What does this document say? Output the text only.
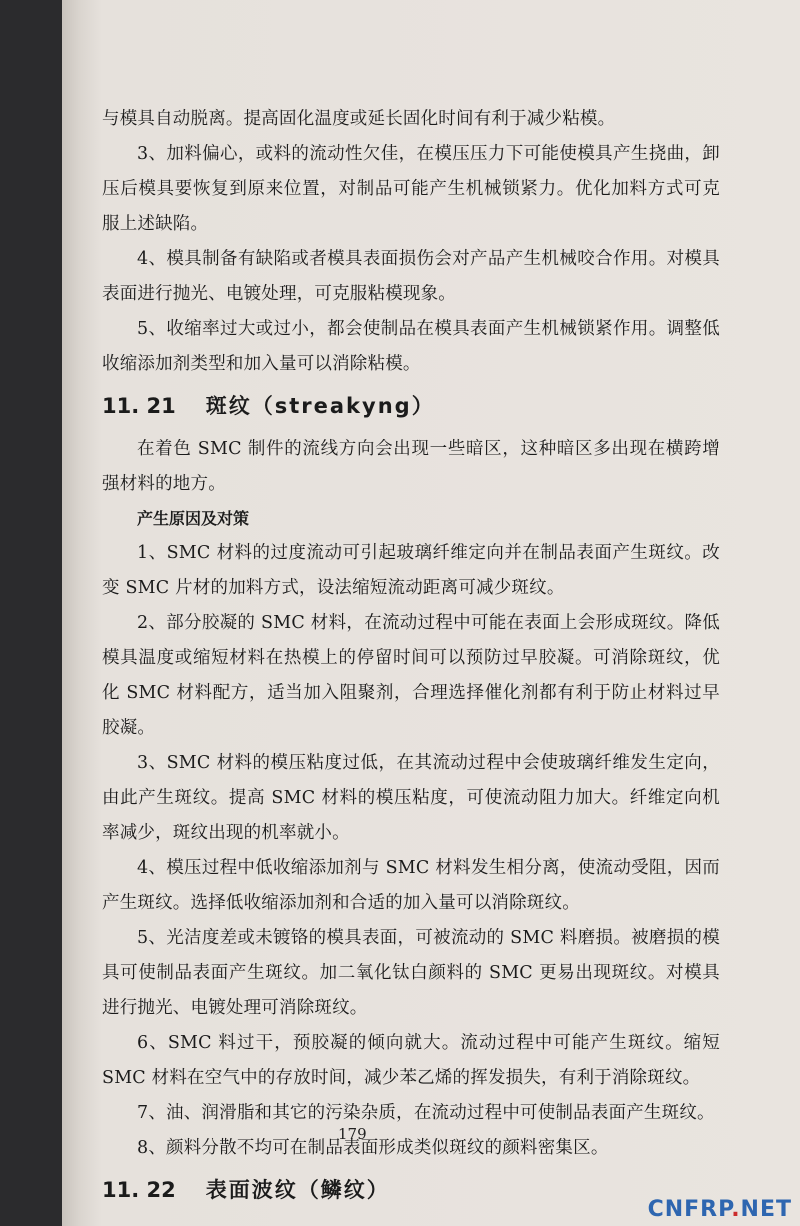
与模具自动脱离。提高固化温度或延长固化时间有利于减少粘模。

3、加料偏心，或料的流动性欠佳，在模压压力下可能使模具产生挠曲，卸压后模具要恢复到原来位置，对制品可能产生机械锁紧力。优化加料方式可克服上述缺陷。

4、模具制备有缺陷或者模具表面损伤会对产品产生机械咬合作用。对模具表面进行抛光、电镀处理，可克服粘模现象。

5、收缩率过大或过小，都会使制品在模具表面产生机械锁紧作用。调整低收缩添加剂类型和加入量可以消除粘模。

11. 21 斑纹（streakyng）

在着色 SMC 制件的流线方向会出现一些暗区，这种暗区多出现在横跨增强材料的地方。

产生原因及对策

1、SMC 材料的过度流动可引起玻璃纤维定向并在制品表面产生斑纹。改变 SMC 片材的加料方式，设法缩短流动距离可减少斑纹。

2、部分胶凝的 SMC 材料，在流动过程中可能在表面上会形成斑纹。降低模具温度或缩短材料在热模上的停留时间可以预防过早胶凝。可消除斑纹，优化 SMC 材料配方，适当加入阻聚剂，合理选择催化剂都有利于防止材料过早胶凝。

3、SMC 材料的模压粘度过低，在其流动过程中会使玻璃纤维发生定向，由此产生斑纹。提高 SMC 材料的模压粘度，可使流动阻力加大。纤维定向机率减少，斑纹出现的机率就小。

4、模压过程中低收缩添加剂与 SMC 材料发生相分离，使流动受阻，因而产生斑纹。选择低收缩添加剂和合适的加入量可以消除斑纹。

5、光洁度差或未镀铬的模具表面，可被流动的 SMC 料磨损。被磨损的模具可使制品表面产生斑纹。加二氧化钛白颜料的 SMC 更易出现斑纹。对模具进行抛光、电镀处理可消除斑纹。

6、SMC 料过干，预胶凝的倾向就大。流动过程中可能产生斑纹。缩短 SMC 材料在空气中的存放时间，减少苯乙烯的挥发损失，有利于消除斑纹。

7、油、润滑脂和其它的污染杂质，在流动过程中可使制品表面产生斑纹。

8、颜料分散不均可在制品表面形成类似斑纹的颜料密集区。

11. 22 表面波纹（鳞纹）
179
CNFRP.NET
